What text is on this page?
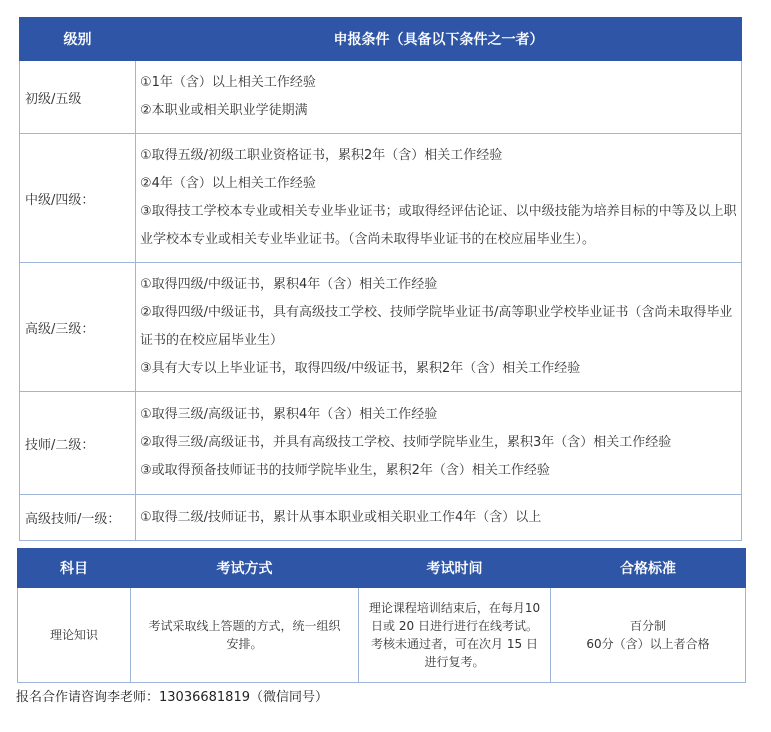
级别	申报条件（具备以下条件之一者）
初级/五级	①1年（含）以上相关工作经验
②本职业或相关职业学徒期满

中级/四级：	①取得五级/初级工职业资格证书，累积2年（含）相关工作经验
②4年（含）以上相关工作经验
③取得技工学校本专业或相关专业毕业证书；或取得经评估论证、以中级技能为培养目标的中等及以上职业学校本专业或相关专业毕业证书。（含尚未取得毕业证书的在校应届毕业生）。

高级/三级：	①取得四级/中级证书，累积4年（含）相关工作经验
②取得四级/中级证书，具有高级技工学校、技师学院毕业证书/高等职业学校毕业证书（含尚未取得毕业证书的在校应届毕业生）
③具有大专以上毕业证书，取得四级/中级证书，累积2年（含）相关工作经验

技师/二级：	①取得三级/高级证书，累积4年（含）相关工作经验
②取得三级/高级证书，并具有高级技工学校、技师学院毕业生，累积3年（含）相关工作经验
③或取得预备技师证书的技师学院毕业生，累积2年（含）相关工作经验

高级技师/一级：	①取得二级/技师证书，累计从事本职业或相关职业工作4年（含）以上
科目	考试方式	考试时间	合格标准
理论知识	考试采取线上答题的方式，统一组织安排。	理论课程培训结束后，在每月10 日或 20 日进行进行在线考试。考核未通过者，可在次月 15 日进行复考。	百分制
60分（含）以上者合格
报名合作请咨询李老师：13036681819（微信同号）
